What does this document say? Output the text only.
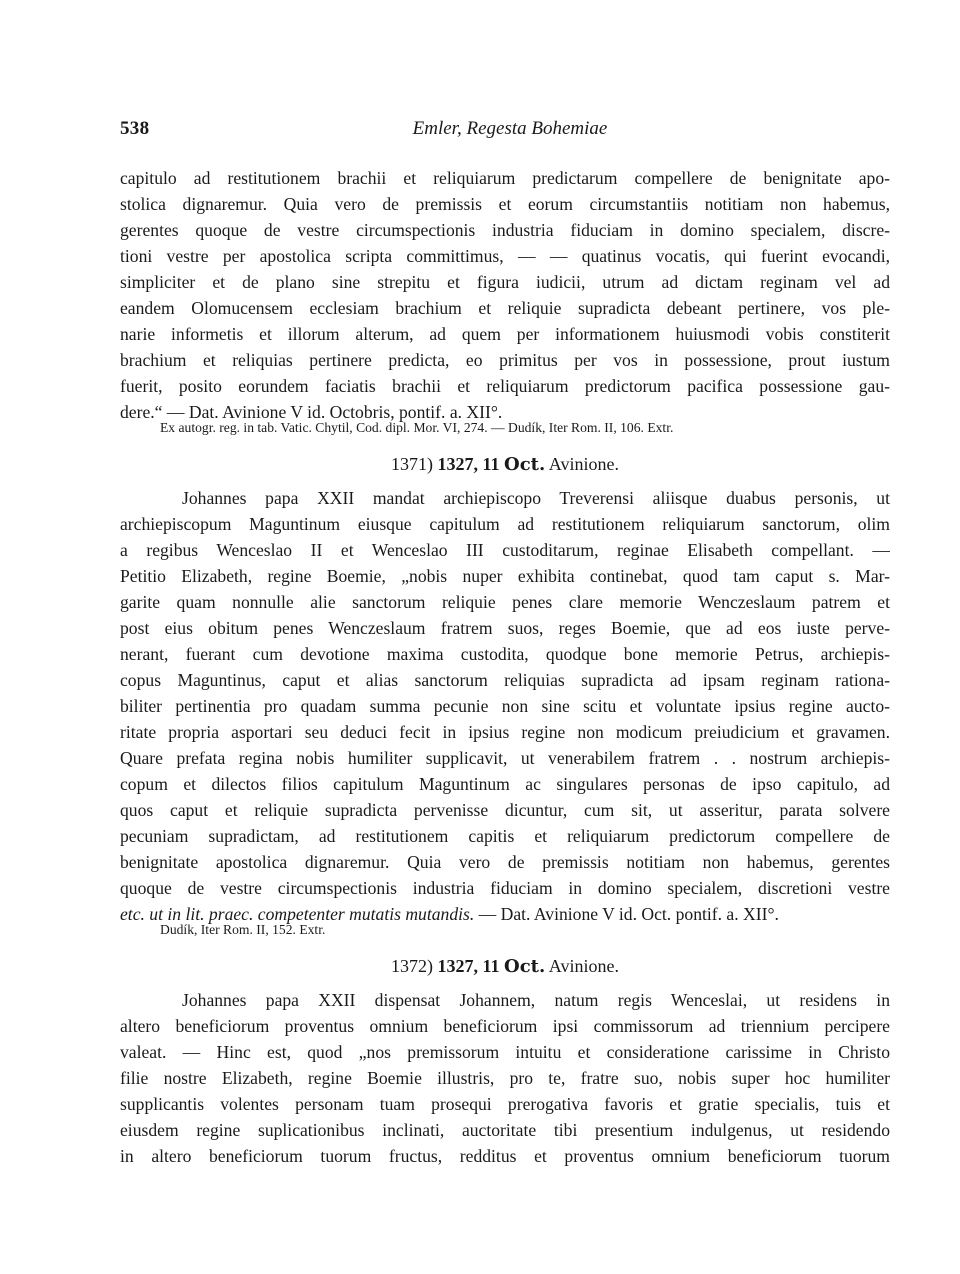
538	Emler, Regesta Bohemiae
capitulo ad restitutionem brachii et reliquiarum predictarum compellere de benignitate apo-
stolica dignaremur. Quia vero de premissis et eorum circumstantiis notitiam non habemus,
gerentes quoque de vestre circumspectionis industria fiduciam in domino specialem, discre-
tioni vestre per apostolica scripta committimus, — — quatinus vocatis, qui fuerint evocandi,
simpliciter et de plano sine strepitu et figura iudicii, utrum ad dictam reginam vel ad
eandem Olomucensem ecclesiam brachium et reliquie supradicta debeant pertinere, vos ple-
narie informetis et illorum alterum, ad quem per informationem huiusmodi vobis constiterit
brachium et reliquias pertinere predicta, eo primitus per vos in possessione, prout iustum
fuerit, posito eorundem faciatis brachii et reliquiarum predictorum pacifica possessione gau-
dere.“ — Dat. Avinione V id. Octobris, pontif. a. XII°.
Ex autogr. reg. in tab. Vatic. Chytil, Cod. dipl. Mor. VI, 274. — Dudík, Iter Rom. II, 106. Extr.
1371) 1327, 11 Oct. Avinione.
Johannes papa XXII mandat archiepiscopo Treverensi aliisque duabus personis, ut
archiepiscopum Maguntinum eiusque capitulum ad restitutionem reliquiarum sanctorum, olim
a regibus Wenceslao II et Wenceslao III custoditarum, reginae Elisabeth compellant. —
Petitio Elizabeth, regine Boemie, „nobis nuper exhibita continebat, quod tam caput s. Mar-
garite quam nonnulle alie sanctorum reliquie penes clare memorie Wenczeslaum patrem et
post eius obitum penes Wenczeslaum fratrem suos, reges Boemie, que ad eos iuste perve-
nerant, fuerant cum devotione maxima custodita, quodque bone memorie Petrus, archiepis-
copus Maguntinus, caput et alias sanctorum reliquias supradicta ad ipsam reginam rationa-
biliter pertinentia pro quadam summa pecunie non sine scitu et voluntate ipsius regine aucto-
ritate propria asportari seu deduci fecit in ipsius regine non modicum preiudicium et gravamen.
Quare prefata regina nobis humiliter supplicavit, ut venerabilem fratrem . . nostrum archiepis-
copum et dilectos filios capitulum Maguntinum ac singulares personas de ipso capitulo, ad
quos caput et reliquie supradicta pervenisse dicuntur, cum sit, ut asseritur, parata solvere
pecuniam supradictam, ad restitutionem capitis et reliquiarum predictorum compellere de
benignitate apostolica dignaremur. Quia vero de premissis notitiam non habemus, gerentes
quoque de vestre circumspectionis industria fiduciam in domino specialem, discretioni vestre
etc. ut in lit. praec. competenter mutatis mutandis. — Dat. Avinione V id. Oct. pontif. a. XII°.
Dudík, Iter Rom. II, 152. Extr.
1372) 1327, 11 Oct. Avinione.
Johannes papa XXII dispensat Johannem, natum regis Wenceslai, ut residens in
altero beneficiorum proventus omnium beneficiorum ipsi commissorum ad triennium percipere
valeat. — Hinc est, quod „nos premissorum intuitu et consideratione carissime in Christo
filie nostre Elizabeth, regine Boemie illustris, pro te, fratre suo, nobis super hoc humiliter
supplicantis volentes personam tuam prosequi prerogativa favoris et gratie specialis, tuis et
eiusdem regine suplicationibus inclinati, auctoritate tibi presentium indulgenus, ut residendo
in altero beneficiorum tuorum fructus, redditus et proventus omnium beneficiorum tuorum
